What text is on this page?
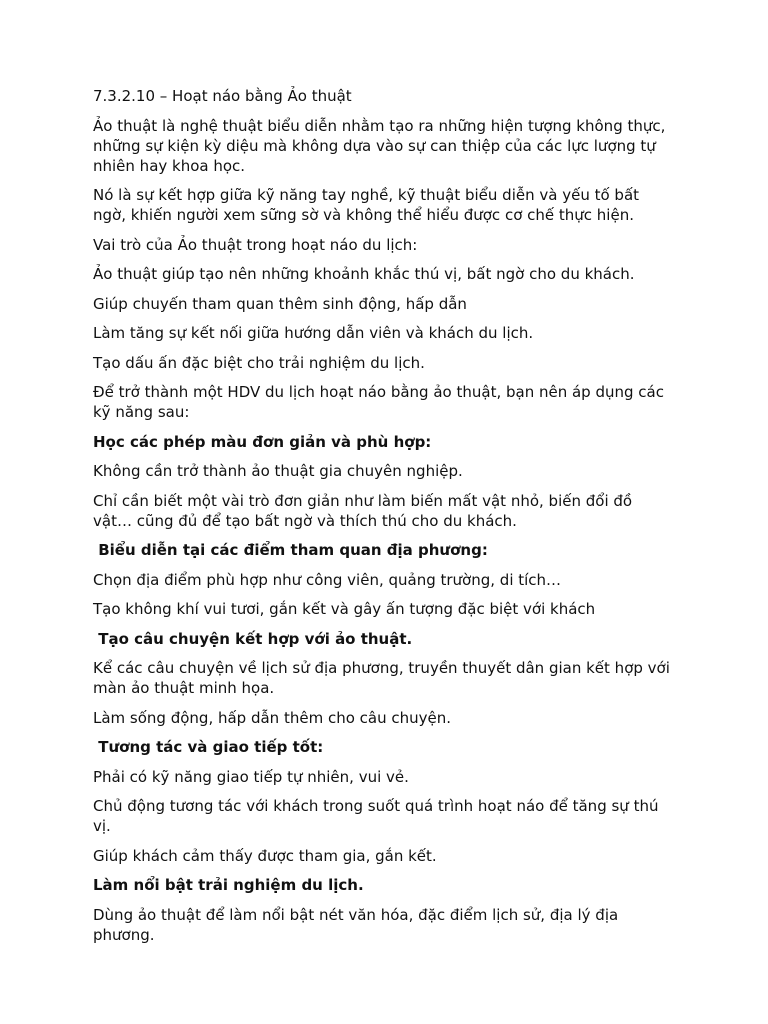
7.3.2.10 – Hoạt náo bằng Ảo thuật

Ảo thuật là nghệ thuật biểu diễn nhằm tạo ra những hiện tượng không thực, những sự kiện kỳ diệu mà không dựa vào sự can thiệp của các lực lượng tự nhiên hay khoa học.

Nó là sự kết hợp giữa kỹ năng tay nghề, kỹ thuật biểu diễn và yếu tố bất ngờ, khiến người xem sững sờ và không thể hiểu được cơ chế thực hiện.

Vai trò của Ảo thuật trong hoạt náo du lịch:

Ảo thuật giúp tạo nên những khoảnh khắc thú vị, bất ngờ cho du khách.

Giúp chuyến tham quan thêm sinh động, hấp dẫn

Làm tăng sự kết nối giữa hướng dẫn viên và khách du lịch.

Tạo dấu ấn đặc biệt cho trải nghiệm du lịch.

Để trở thành một HDV du lịch hoạt náo bằng ảo thuật, bạn nên áp dụng các kỹ năng sau:

Học các phép màu đơn giản và phù hợp:

Không cần trở thành ảo thuật gia chuyên nghiệp.

Chỉ cần biết một vài trò đơn giản như làm biến mất vật nhỏ, biến đổi đồ vật… cũng đủ để tạo bất ngờ và thích thú cho du khách.

Biểu diễn tại các điểm tham quan địa phương:

Chọn địa điểm phù hợp như công viên, quảng trường, di tích…

Tạo không khí vui tươi, gắn kết và gây ấn tượng đặc biệt với khách

Tạo câu chuyện kết hợp với ảo thuật.

Kể các câu chuyện về lịch sử địa phương, truyền thuyết dân gian kết hợp với màn ảo thuật minh họa.

Làm sống động, hấp dẫn thêm cho câu chuyện.

Tương tác và giao tiếp tốt:

Phải có kỹ năng giao tiếp tự nhiên, vui vẻ.

Chủ động tương tác với khách trong suốt quá trình hoạt náo để tăng sự thú vị.

Giúp khách cảm thấy được tham gia, gắn kết.

Làm nổi bật trải nghiệm du lịch.

Dùng ảo thuật để làm nổi bật nét văn hóa, đặc điểm lịch sử, địa lý địa phương.
